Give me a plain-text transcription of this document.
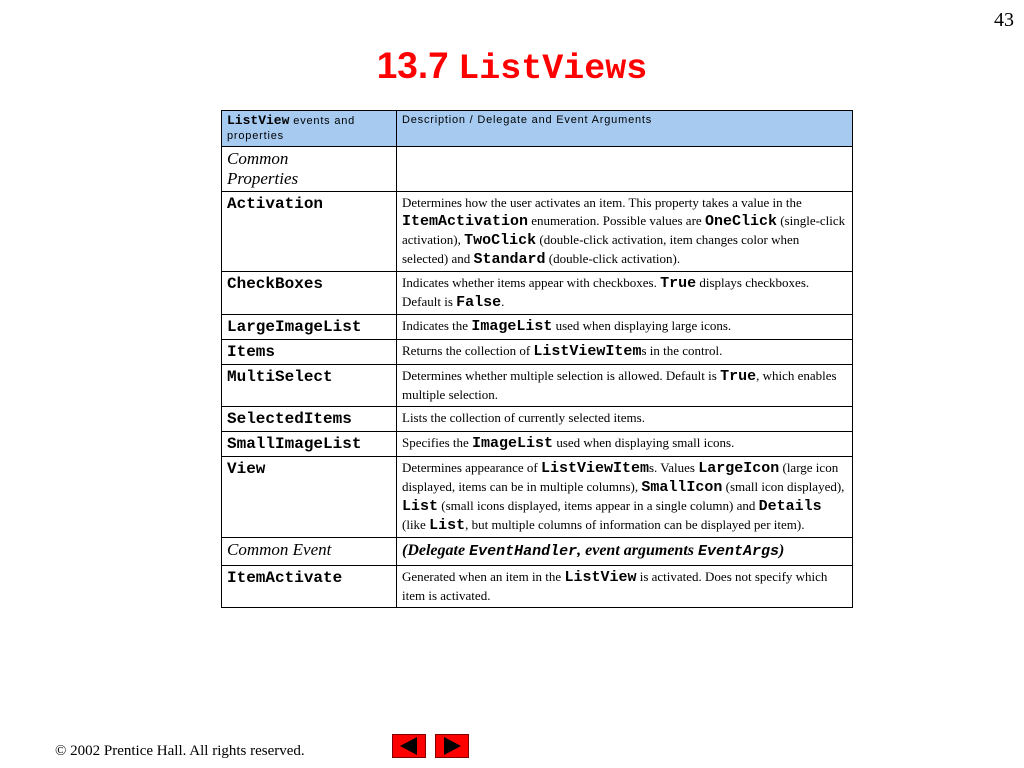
43
13.7 ListViews
ListView events and properties	Description / Delegate and Event Arguments
Common
Properties	
Activation	Determines how the user activates an item. This property takes a value in the ItemActivation enumeration. Possible values are OneClick (single-click activation), TwoClick (double-click activation, item changes color when selected) and Standard (double-click activation).
CheckBoxes	Indicates whether items appear with checkboxes. True displays checkboxes. Default is False.
LargeImageList	Indicates the ImageList used when displaying large icons.
Items	Returns the collection of ListViewItems in the control.
MultiSelect	Determines whether multiple selection is allowed. Default is True, which enables multiple selection.
SelectedItems	Lists the collection of currently selected items.
SmallImageList	Specifies the ImageList used when displaying small icons.
View	Determines appearance of ListViewItems. Values LargeIcon (large icon displayed, items can be in multiple columns), SmallIcon (small icon displayed), List (small icons displayed, items appear in a single column) and Details (like List, but multiple columns of information can be displayed per item).
Common Event	(Delegate EventHandler, event arguments EventArgs)
ItemActivate	Generated when an item in the ListView is activated. Does not specify which item is activated.
© 2002 Prentice Hall. All rights reserved.
